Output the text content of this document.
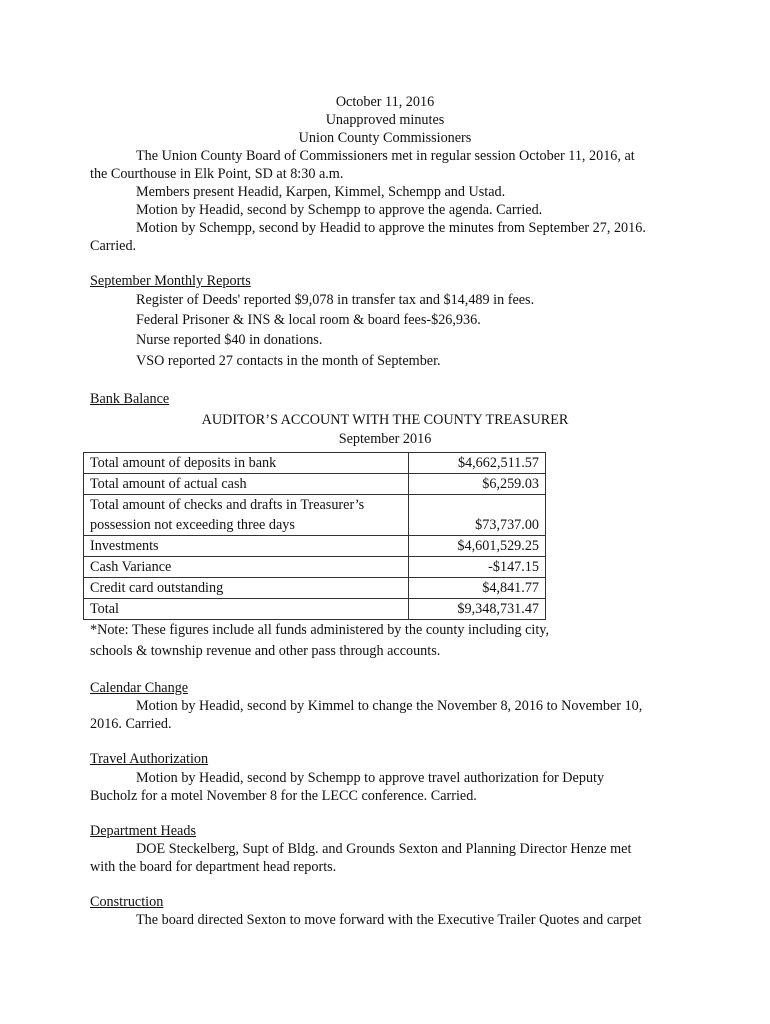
October 11, 2016
Unapproved minutes
Union County Commissioners
The Union County Board of Commissioners met in regular session October 11, 2016, at
the Courthouse in Elk Point, SD at 8:30 a.m.
Members present Headid, Karpen, Kimmel, Schempp and Ustad.
Motion by Headid, second by Schempp to approve the agenda. Carried.
Motion by Schempp, second by Headid to approve the minutes from September 27, 2016.
Carried.
September Monthly Reports
Register of Deeds' reported $9,078 in transfer tax and $14,489 in fees.
Federal Prisoner & INS & local room & board fees-$26,936.
Nurse reported $40 in donations.
VSO reported 27 contacts in the month of September.
Bank Balance
AUDITOR’S ACCOUNT WITH THE COUNTY TREASURER
September 2016
Total amount of deposits in bank	$4,662,511.57
Total amount of actual cash	$6,259.03

Total amount of checks and drafts in Treasurer’s
possession not exceeding three days	$73,737.00
Investments	$4,601,529.25
Cash Variance	-$147.15
Credit card outstanding	$4,841.77
Total	$9,348,731.47
*Note: These figures include all funds administered by the county including city,
schools & township revenue and other pass through accounts.
Calendar Change
Motion by Headid, second by Kimmel to change the November 8, 2016 to November 10,
2016. Carried.
Travel Authorization
Motion by Headid, second by Schempp to approve travel authorization for Deputy
Bucholz for a motel November 8 for the LECC conference. Carried.
Department Heads
DOE Steckelberg, Supt of Bldg. and Grounds Sexton and Planning Director Henze met
with the board for department head reports.
Construction
The board directed Sexton to move forward with the Executive Trailer Quotes and carpet
